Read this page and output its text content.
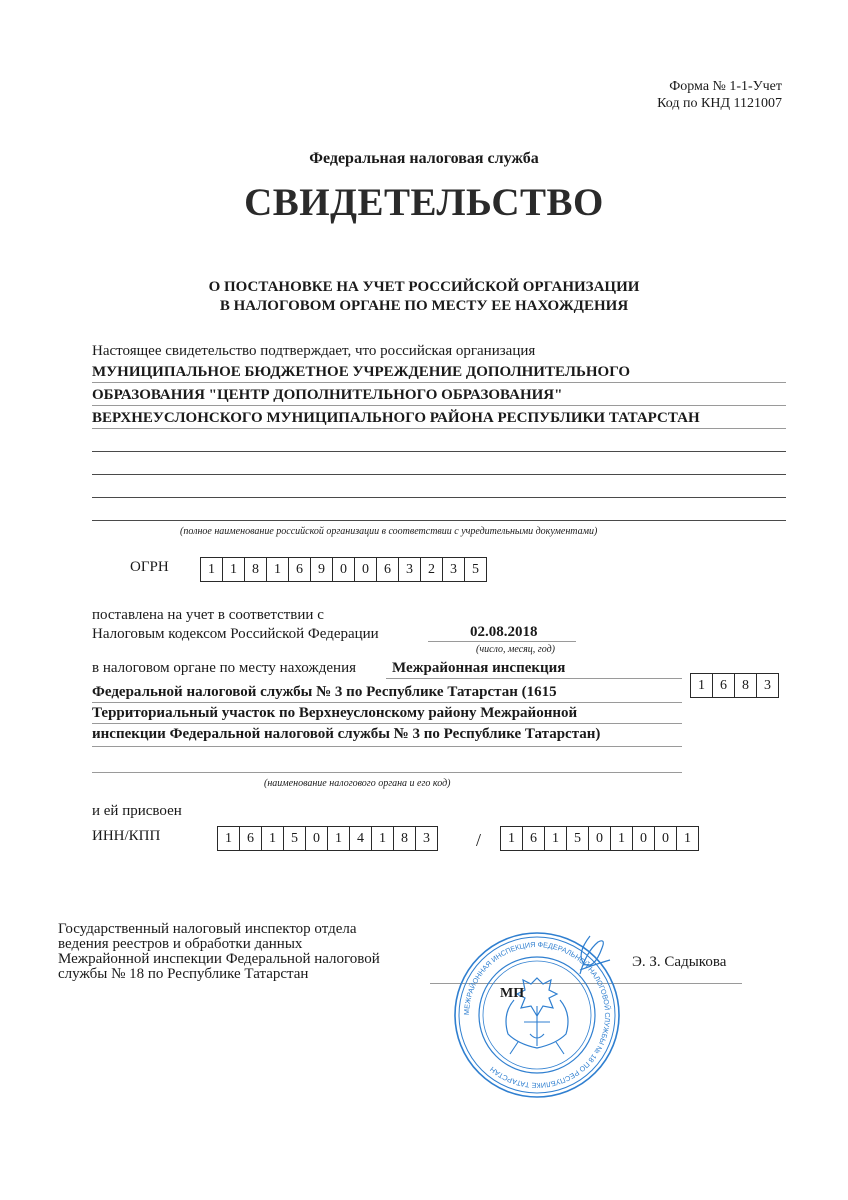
Форма № 1-1-Учет
Код по КНД 1121007
Федеральная налоговая служба
СВИДЕТЕЛЬСТВО
О ПОСТАНОВКЕ НА УЧЕТ РОССИЙСКОЙ ОРГАНИЗАЦИИ
В НАЛОГОВОМ ОРГАНЕ ПО МЕСТУ ЕЕ НАХОЖДЕНИЯ
Настоящее свидетельство подтверждает, что российская организация
МУНИЦИПАЛЬНОЕ БЮДЖЕТНОЕ УЧРЕЖДЕНИЕ ДОПОЛНИТЕЛЬНОГО
ОБРАЗОВАНИЯ "ЦЕНТР ДОПОЛНИТЕЛЬНОГО ОБРАЗОВАНИЯ"
ВЕРХНЕУСЛОНСКОГО МУНИЦИПАЛЬНОГО РАЙОНА РЕСПУБЛИКИ ТАТАРСТАН
(полное наименование российской организации в соответствии с учредительными документами)
ОГРН	1	1	8	1	6	9	0	0	6	3	2	3	5
поставлена на учет в соответствии с
Налоговым кодексом Российской Федерации	02.08.2018
(число, месяц, год)
в налоговом органе по месту нахождения Межрайонная инспекция
Федеральной налоговой службы № 3 по Республике Татарстан (1615	1	6	8	3
Территориальный участок по Верхнеуслонскому району Межрайонной
инспекции Федеральной налоговой службы № 3 по Республике Татарстан)
(наименование налогового органа и его код)
и ей присвоен
ИНН/КПП	1	6	1	5	0	1	4	1	8	3	/	1	6	1	5	0	1	0	0	1
Государственный налоговый инспектор отдела
ведения реестров и обработки данных
Межрайонной инспекции Федеральной налоговой
службы № 18 по Республике Татарстан
Э. З. Садыкова
МЕЖРАЙОННАЯ ИНСПЕКЦИЯ ФЕДЕРАЛЬНОЙ НАЛОГОВОЙ СЛУЖБЫ № 18 ПО РЕСПУБЛИКЕ ТАТАРСТАН
МП
